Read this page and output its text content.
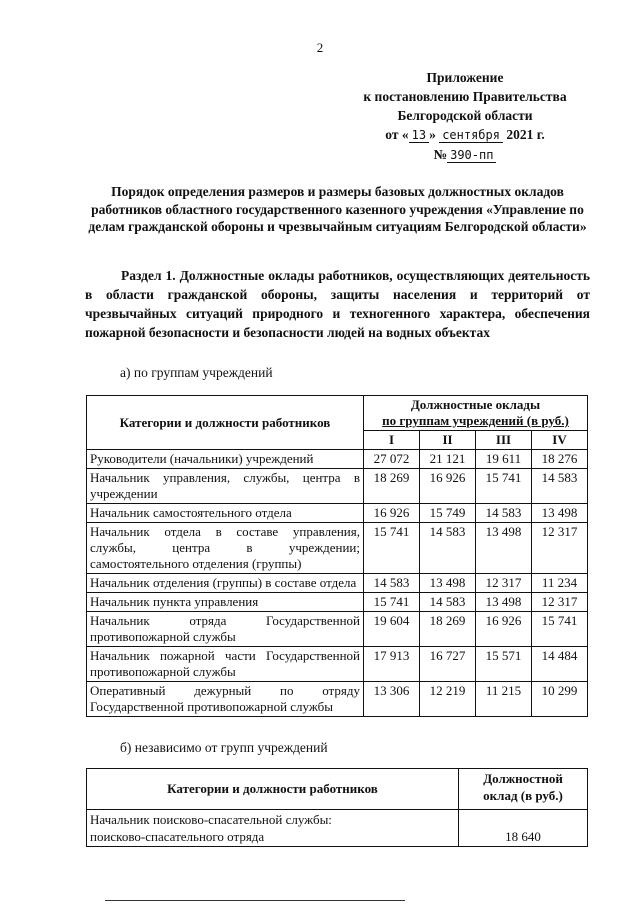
2
Приложение
к постановлению Правительства
Белгородской области
от « 13 » сентября 2021 г.
№ 390-пп
Порядок определения размеров и размеры базовых должностных окладов работников областного государственного казенного учреждения «Управление по делам гражданской обороны и чрезвычайным ситуациям Белгородской области»
Раздел 1. Должностные оклады работников, осуществляющих деятельность в области гражданской обороны, защиты населения и территорий от чрезвычайных ситуаций природного и техногенного характера, обеспечения пожарной безопасности и безопасности людей на водных объектах
а) по группам учреждений
Категории и должности работников	Должностные оклады
по группам учреждений (в руб.)			
	I	II	III	IV
Руководители (начальники) учреждений	27 072	21 121	19 611	18 276
Начальник управления, службы, центра в учреждении	18 269	16 926	15 741	14 583
Начальник самостоятельного отдела	16 926	15 749	14 583	13 498
Начальник отдела в составе управления, службы, центра в учреждении; самостоятельного отделения (группы)	15 741	14 583	13 498	12 317
Начальник отделения (группы) в составе отдела	14 583	13 498	12 317	11 234
Начальник пункта управления	15 741	14 583	13 498	12 317
Начальник отряда Государственной противопожарной службы	19 604	18 269	16 926	15 741
Начальник пожарной части Государственной противопожарной службы	17 913	16 727	15 571	14 484
Оперативный дежурный по отряду Государственной противопожарной службы	13 306	12 219	11 215	10 299
б) независимо от групп учреждений
Категории и должности работников	Должностной
оклад (в руб.)

Начальник поисково-спасательной службы:
поисково-спасательного отряда	18 640
